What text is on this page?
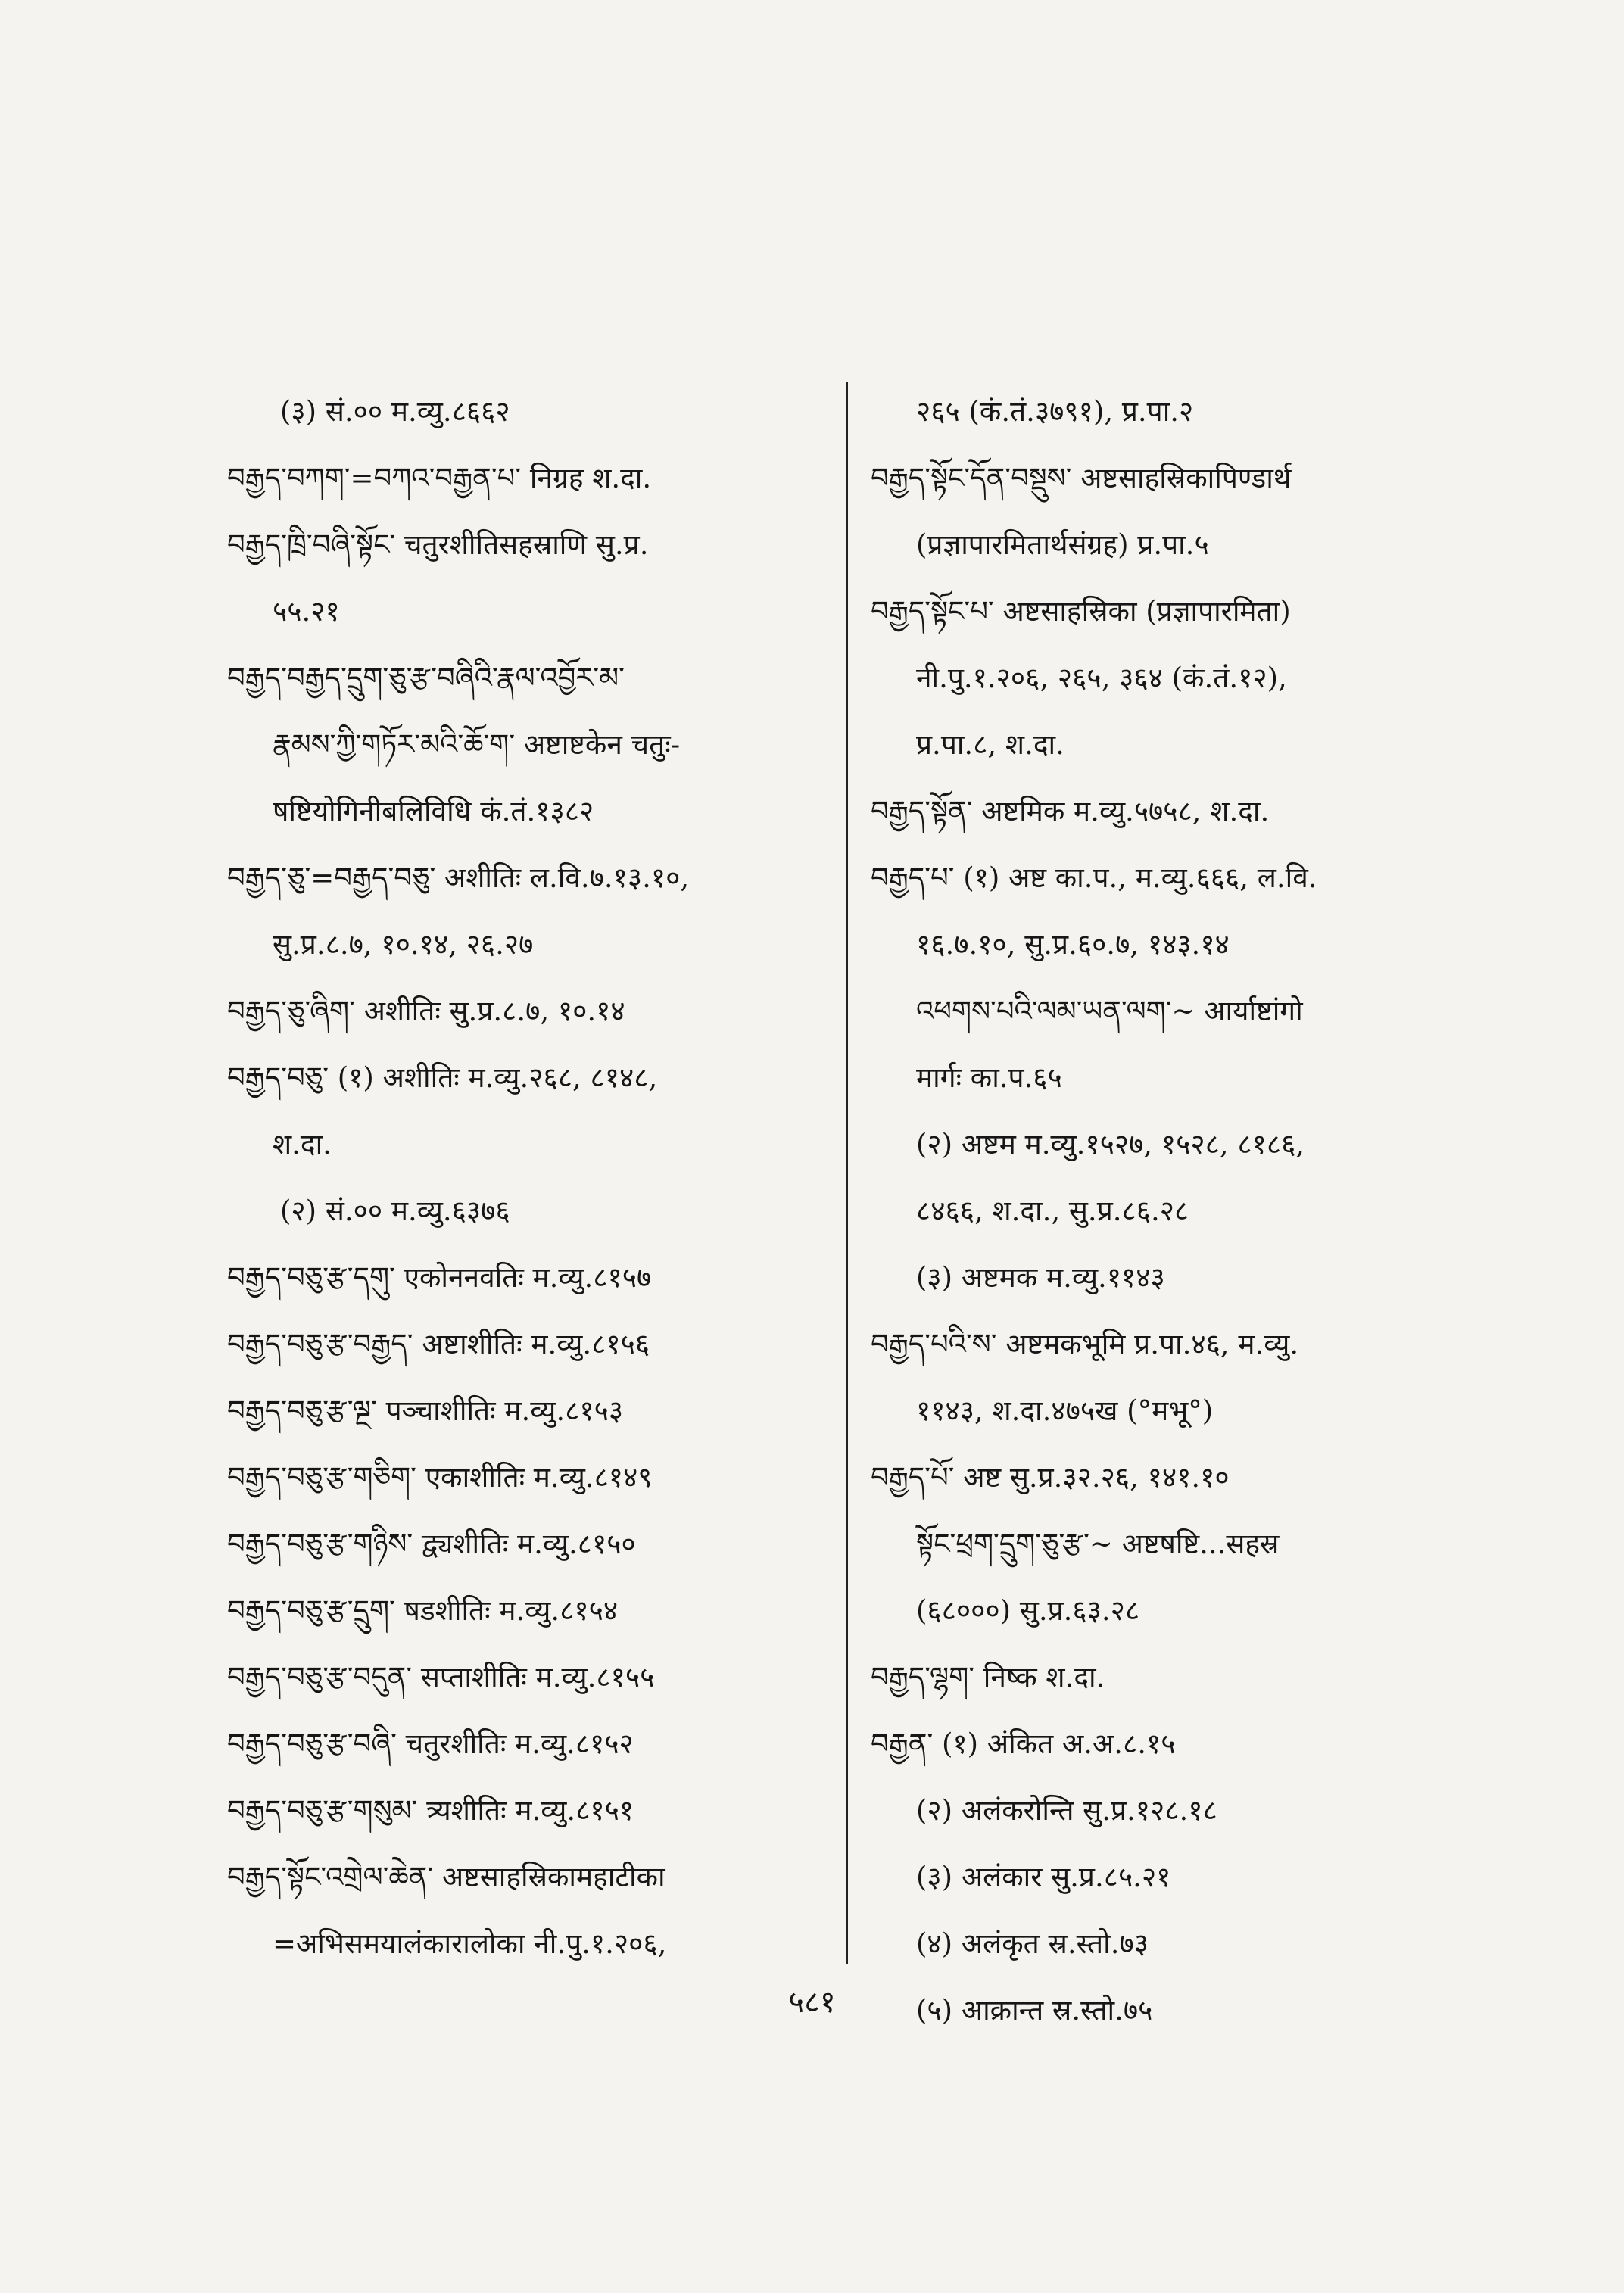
(३) सं.०० म.व्यु.८६६२
བརྒྱད་བཀག་=བཀའ་བརྒྱན་པ་ निग्रह श.दा.
བརྒྱད་ཁྲི་བཞི་སྟོང་ चतुरशीतिसहस्राणि सु.प्र.
५५.२१
བརྒྱད་བརྒྱད་དྲུག་ཅུ་རྩ་བཞིའི་རྣལ་འབྱོར་མ་
རྣམས་ཀྱི་གཏོར་མའི་ཆོ་ག་ अष्टाष्टकेन चतुः-
षष्टियोगिनीबलिविधि कं.तं.१३८२
བརྒྱད་ཅུ་=བརྒྱད་བཅུ་ अशीतिः ल.वि.७.१३.१०,
सु.प्र.८.७, १०.१४, २६.२७
བརྒྱད་ཅུ་ཞིག་ अशीतिः सु.प्र.८.७, १०.१४
བརྒྱད་བཅུ་ (१) अशीतिः म.व्यु.२६८, ८१४८,
श.दा.
(२) सं.०० म.व्यु.६३७६
བརྒྱད་བཅུ་རྩ་དགུ་ एकोननवतिः म.व्यु.८१५७
བརྒྱད་བཅུ་རྩ་བརྒྱད་ अष्टाशीतिः म.व्यु.८१५६
བརྒྱད་བཅུ་རྩ་ལྔ་ पञ्चाशीतिः म.व्यु.८१५३
བརྒྱད་བཅུ་རྩ་གཅིག་ एकाशीतिः म.व्यु.८१४९
བརྒྱད་བཅུ་རྩ་གཉིས་ द्व्यशीतिः म.व्यु.८१५०
བརྒྱད་བཅུ་རྩ་དྲུག་ षडशीतिः म.व्यु.८१५४
བརྒྱད་བཅུ་རྩ་བདུན་ सप्ताशीतिः म.व्यु.८१५५
བརྒྱད་བཅུ་རྩ་བཞི་ चतुरशीतिः म.व्यु.८१५२
བརྒྱད་བཅུ་རྩ་གསུམ་ त्र्यशीतिः म.व्यु.८१५१
བརྒྱད་སྟོང་འགྲེལ་ཆེན་ अष्टसाहस्रिकामहाटीका
=अभिसमयालंकारालोका नी.पु.१.२०६,
२६५ (कं.तं.३७९१), प्र.पा.२
བརྒྱད་སྟོང་དོན་བསྡུས་ अष्टसाहस्रिकापिण्डार्थ
(प्रज्ञापारमितार्थसंग्रह) प्र.पा.५
བརྒྱད་སྟོང་པ་ अष्टसाहस्रिका (प्रज्ञापारमिता)
नी.पु.१.२०६, २६५, ३६४ (कं.तं.१२),
प्र.पा.८, श.दा.
བརྒྱད་སྟོན་ अष्टमिक म.व्यु.५७५८, श.दा.
བརྒྱད་པ་ (१) अष्ट का.प., म.व्यु.६६६, ल.वि.
१६.७.१०, सु.प्र.६०.७, १४३.१४
འཕགས་པའི་ལམ་ཡན་ལག་~ आर्याष्टांगो
मार्गः का.प.६५
(२) अष्टम म.व्यु.१५२७, १५२८, ८१८६,
८४६६, श.दा., सु.प्र.८६.२८
(३) अष्टमक म.व्यु.११४३
བརྒྱད་པའི་ས་ अष्टमकभूमि प्र.पा.४६, म.व्यु.
११४३, श.दा.४७५ख (°मभू°)
བརྒྱད་པོ་ अष्ट सु.प्र.३२.२६, १४१.१०
སྟོང་ཕྲག་དྲུག་ཅུ་རྩ་~ अष्टषष्टि...सहस्र
(६८०००) सु.प्र.६३.२८
བརྒྱད་ལྷག་ निष्क श.दा.
བརྒྱན་ (१) अंकित अ.अ.८.१५
(२) अलंकरोन्ति सु.प्र.१२८.१८
(३) अलंकार सु.प्र.८५.२१
(४) अलंकृत स्र.स्तो.७३
(५) आक्रान्त स्र.स्तो.७५
५८१
